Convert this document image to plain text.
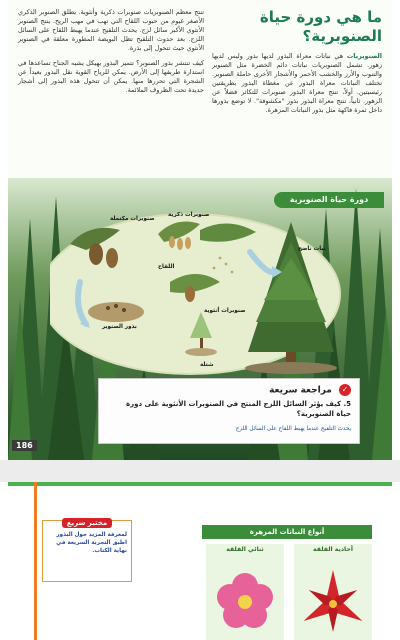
ما هي دورة حياة الصنوبرية؟

الصنوبريات هي نباتات معراة البذور لديها بذور وليس لديها زهور. تشمل الصنوبريات نباتات دائم الخضرة مثل الصنوبر والتنوب والأرز والخشب الأحمر والأشجار الأخرى حاملة الصنوبر. تختلف النباتات معراة البذور عن مغطاة البذور بطريقتين رئيسيتين. أولاً، تنتج معراة البذور صنوبرات للتكاثر فضلاً عن الزهور. ثانياً، تنتج معراة البذور بذور "مكشوفة". لا توضع بذورها داخل ثمرة فاكهة مثل بذور النباتات المزهرة.

تنتج معظم الصنوبريات صنوبرات ذكرية وأنثوية. يطلق الصنوبر الذكري الأصغر غيوم من حبوب اللقاح التي تهب في مهب الريح. ينتج الصنوبر الأنثوي الأكبر سائل لزج. يحدث التلقيح عندما يهبط اللقاح على السائل اللزج. بعد حدوث التلقيح تظل البويضة المطورة معلقة في الصنوبر الأنثوي حيث تتحول إلى بذرة.

كيف تنتشر بذور الصنوبر؟ تتميز البذور بهيكل يشبه الجناح تساعدها في استدارة طريقها إلى الأرض. يمكن للرياح القوية نقل البذور بعيداً عن الشجرة التي تحررها منها. يمكن أن تتحول هذه البذور إلى أشجار جديدة تحت الظروف الملائمة.

دورة حياة الصنوبرية
صنوبرات مكتملة
صنوبرات ذكرية
اللقاح
صنوبرات أنثوية
نبات ناضج
بذور الصنوبر
شتلة
✓ مراجعة سريعة
5. كيف يؤثر السائل اللزج المنتج في الصنوبرات الأنثوية على دورة حياة الصنوبرية؟
يحدث التلقيح عندما يهبط اللقاح على السائل اللزج
186
مختبر سريع
لمعرفة المزيد حول البذور اطبق التجربة السريعة في نهاية الكتاب.
أنواع النباتات المزهرة
أحادية الفلقة
ثنائي الفلقة
